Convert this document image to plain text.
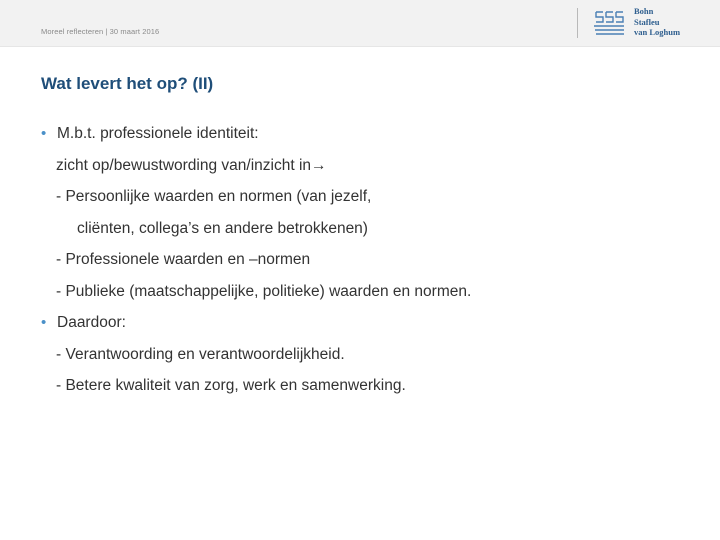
Moreel reflecteren | 30 maart 2016
Bohn
Stafleu
van Loghum
Wat levert het op? (II)
• M.b.t. professionele identiteit:
zicht op/bewustwording van/inzicht in→
- Persoonlijke waarden en normen (van jezelf,
cliënten, collega’s en andere betrokkenen)
- Professionele waarden en –normen
- Publieke (maatschappelijke, politieke) waarden en normen.
• Daardoor:
- Verantwoording en verantwoordelijkheid.
- Betere kwaliteit van zorg, werk en samenwerking.
